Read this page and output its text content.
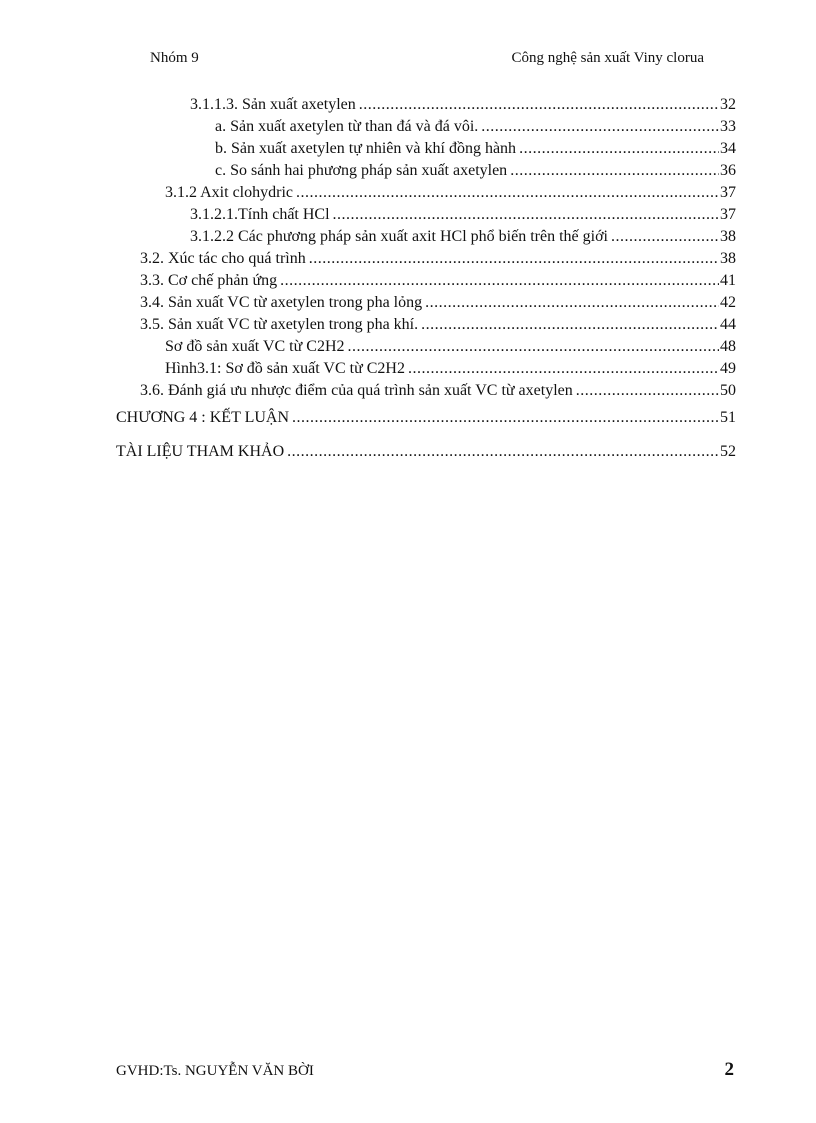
Nhóm 9	Công nghệ sản xuất Viny clorua
3.1.1.3. Sản xuất axetylen .....	32
a. Sản xuất axetylen từ than đá và đá vôi. .....	33
b. Sản xuất axetylen tự nhiên và khí đồng hành .....	34
c. So sánh hai phương pháp sản xuất axetylen .....	36
3.1.2 Axit clohydric .....	37
3.1.2.1.Tính chất HCl .....	37
3.1.2.2 Các phương pháp sản xuất axit HCl phổ biến trên thế giới .....	38
3.2. Xúc tác cho quá trình .....	38
3.3. Cơ chế phản ứng .....	41
3.4. Sản xuất VC từ axetylen trong pha lỏng .....	42
3.5. Sản xuất VC từ axetylen trong pha khí. .....	44
Sơ đồ sản xuất VC từ C2H2 .....	48
Hình3.1: Sơ đồ sản xuất VC từ C2H2 .....	49
3.6. Đánh giá ưu nhược điểm của quá trình sản xuất VC từ axetylen .....	50
CHƯƠNG 4 : KẾT LUẬN .....	51
TÀI LIỆU THAM KHẢO .....	52
GVHD:Ts. NGUYỄN VĂN BỜI	2
